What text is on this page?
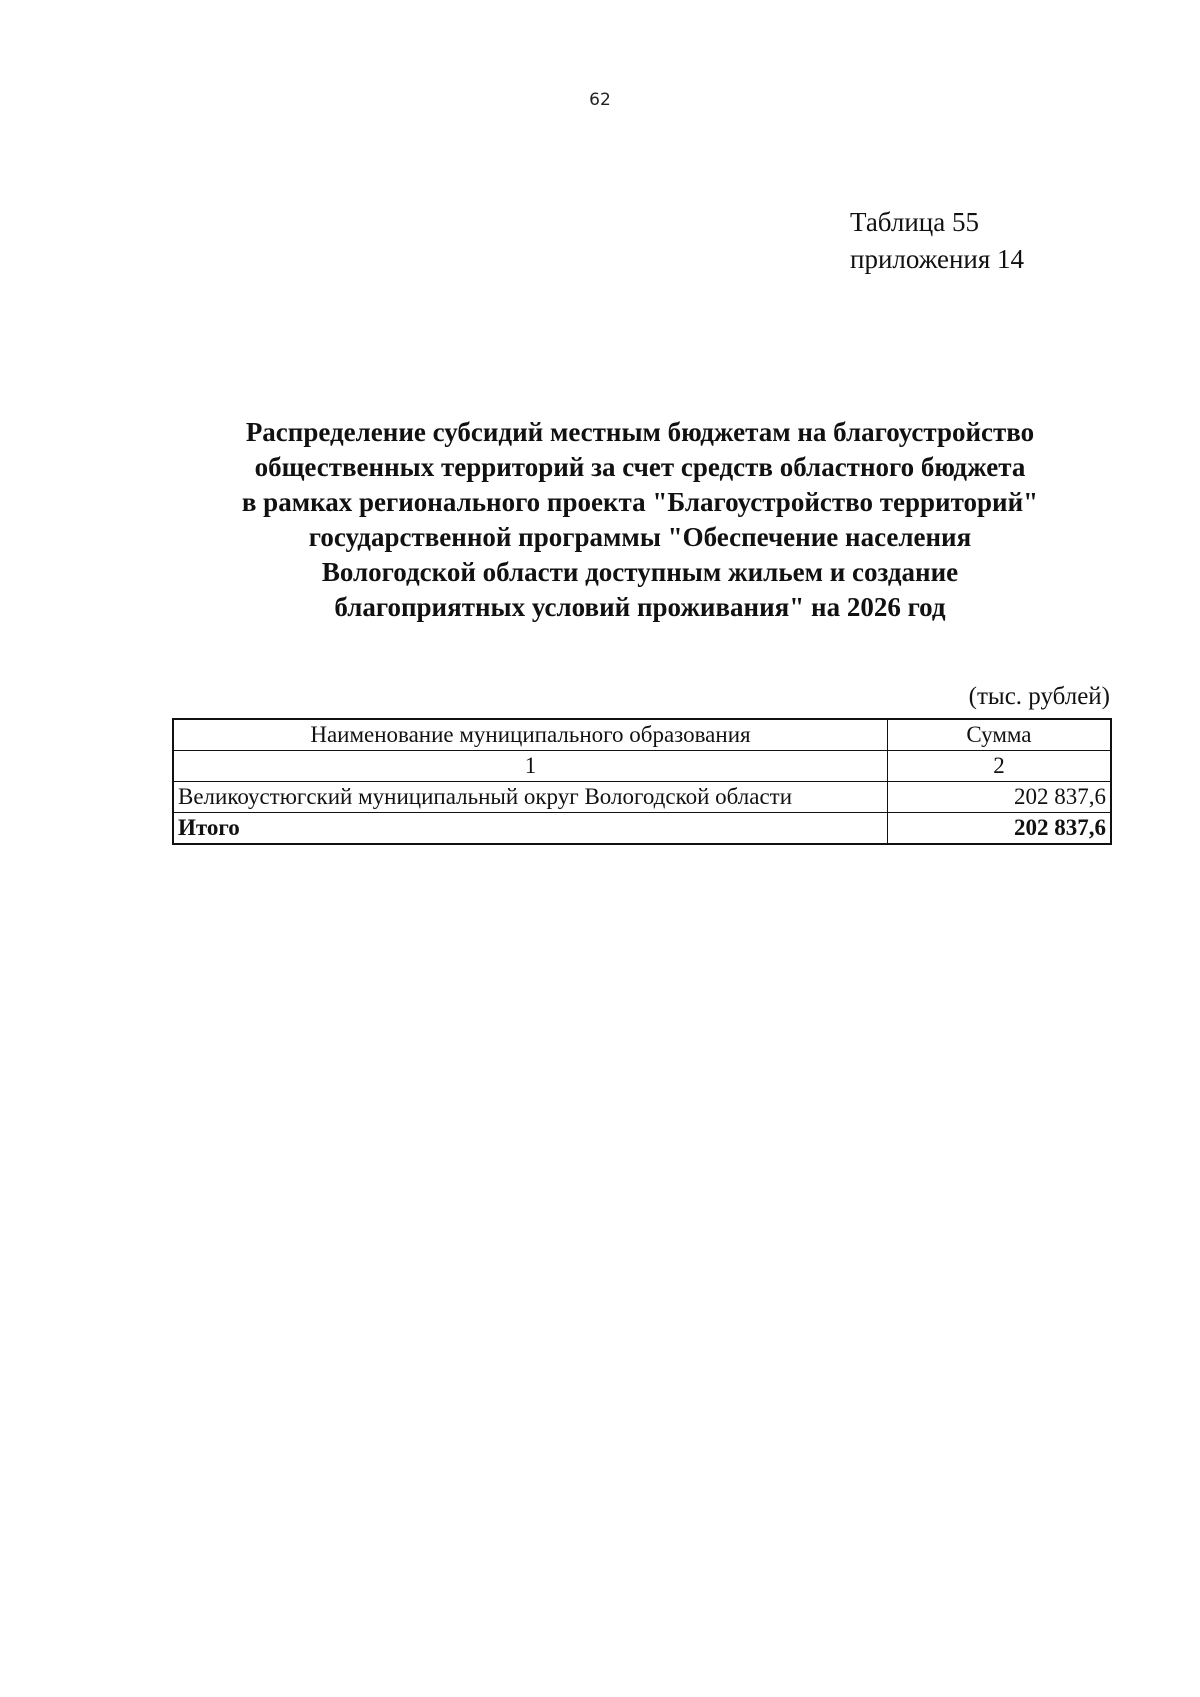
62
Таблица 55
приложения 14
Распределение субсидий местным бюджетам на благоустройство
общественных территорий за счет средств областного бюджета
в рамках регионального проекта "Благоустройство территорий"
государственной программы "Обеспечение населения
Вологодской области доступным жильем и создание
благоприятных условий проживания" на 2026 год
(тыс. рублей)
Наименование муниципального образования	Сумма
1	2
Великоустюгский муниципальный округ Вологодской области	202 837,6
Итого	202 837,6
